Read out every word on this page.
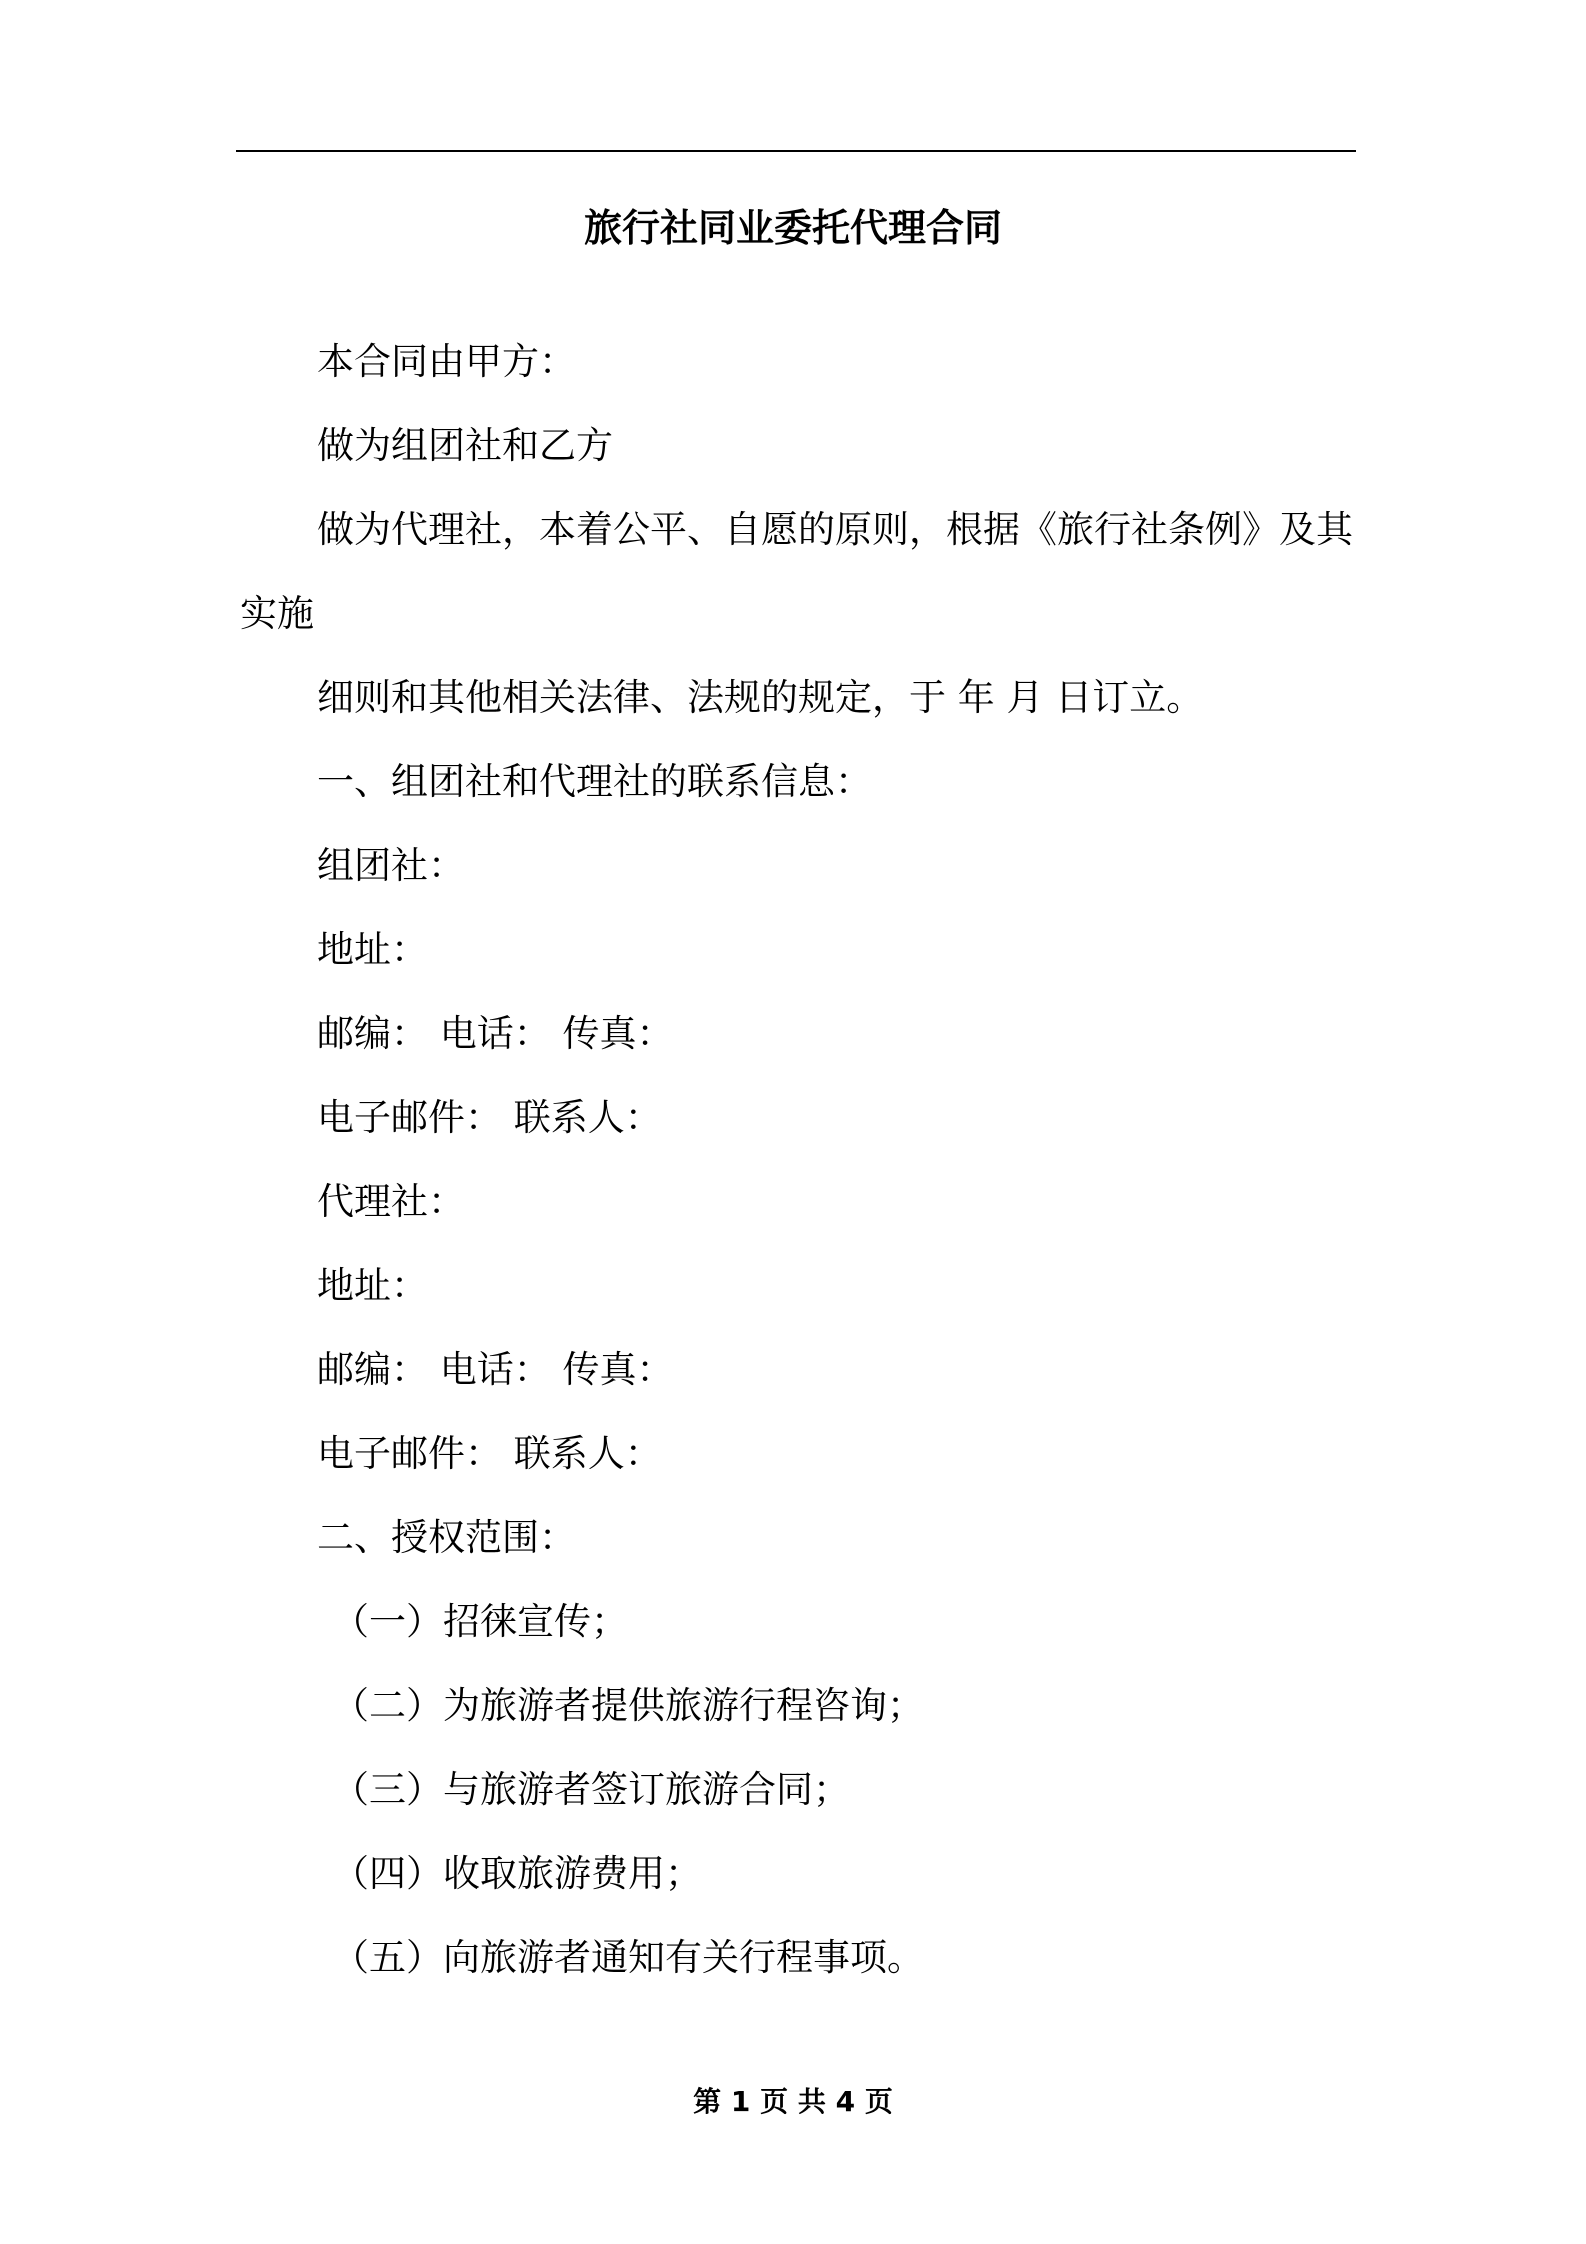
旅行社同业委托代理合同
本合同由甲方：
做为组团社和乙方
做为代理社，本着公平、自愿的原则，根据《旅行社条例》及其
实施
细则和其他相关法律、法规的规定，于 年 月 日订立。
一、组团社和代理社的联系信息：
组团社：
地址：
邮编： 电话： 传真：
电子邮件： 联系人：
代理社：
地址：
邮编： 电话： 传真：
电子邮件： 联系人：
二、授权范围：
（一）招徕宣传；
（二）为旅游者提供旅游行程咨询；
（三）与旅游者签订旅游合同；
（四）收取旅游费用；
（五）向旅游者通知有关行程事项。
第 1 页 共 4 页
